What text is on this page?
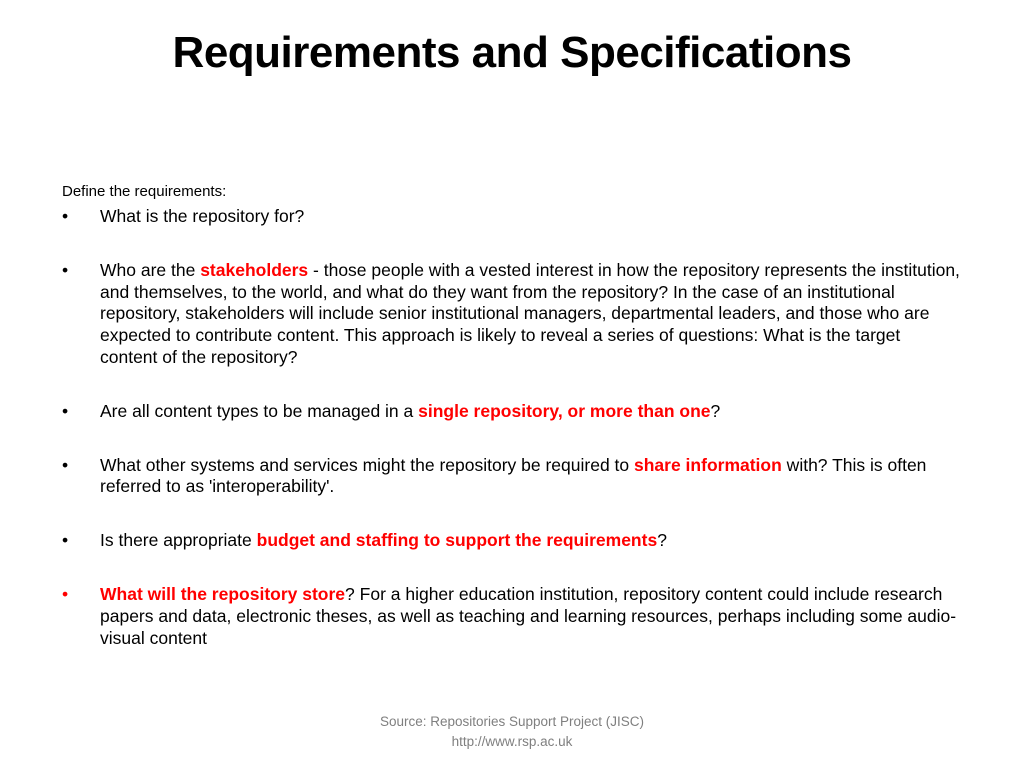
Requirements and Specifications

Define the requirements:

•	What is the repository for?
•	Who are the stakeholders - those people with a vested interest in how the repository represents the institution, and themselves, to the world, and what do they want from the repository? In the case of an institutional repository, stakeholders will include senior institutional managers, departmental leaders, and those who are expected to contribute content. This approach is likely to reveal a series of questions: What is the target content of the repository?
•	Are all content types to be managed in a single repository, or more than one?
•	What other systems and services might the repository be required to share information with? This is often referred to as 'interoperability'.
•	Is there appropriate budget and staffing to support the requirements?
•	What will the repository store? For a higher education institution, repository content could include research papers and data, electronic theses, as well as teaching and learning resources, perhaps including some audio-visual content
Source: Repositories Support Project (JISC)
http://www.rsp.ac.uk
